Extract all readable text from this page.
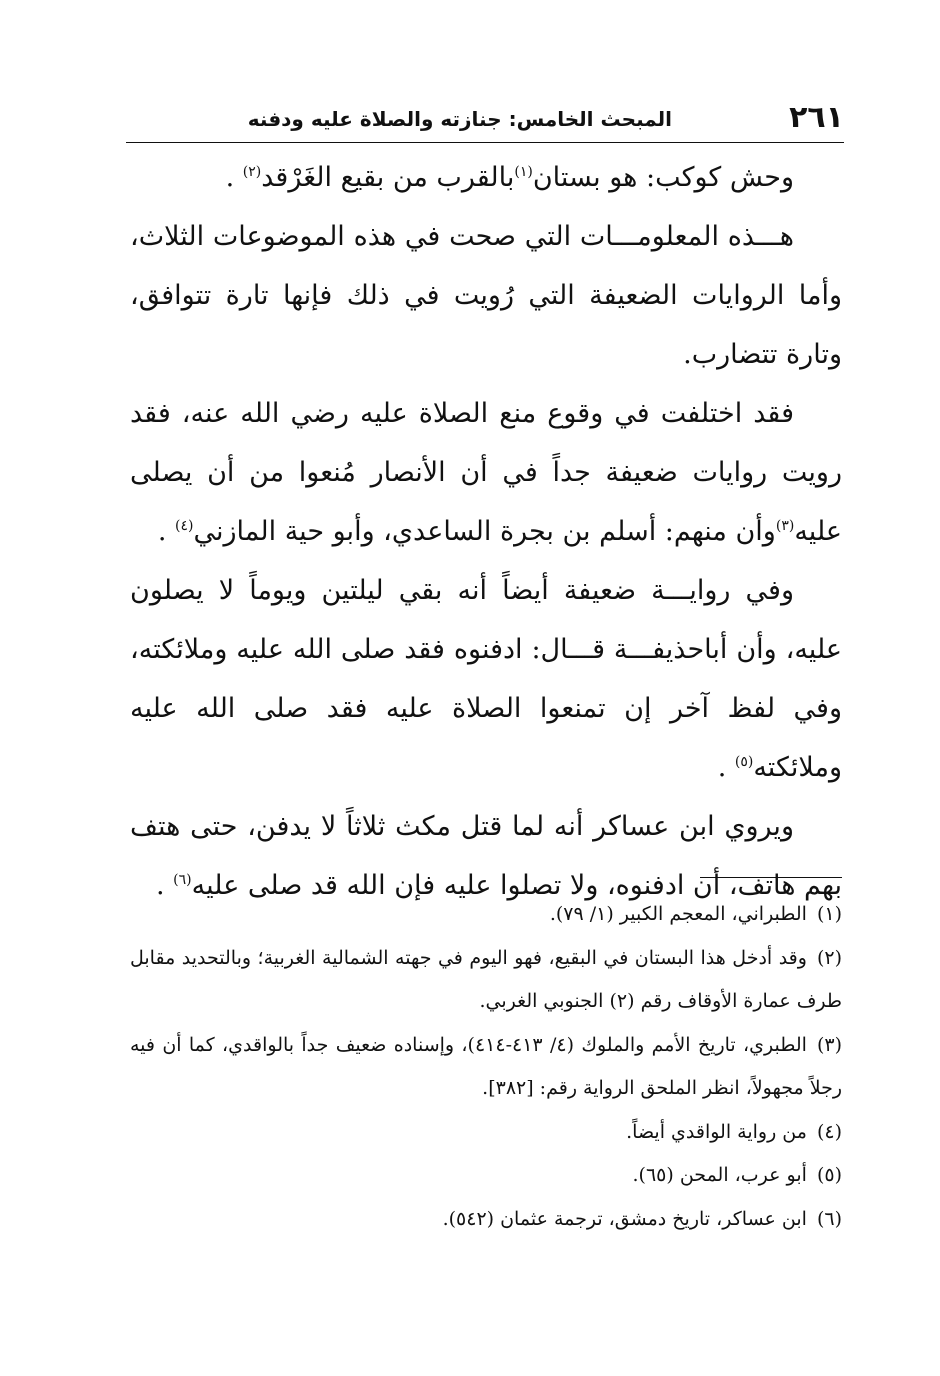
٢٦١
المبحث الخامس: جنازته والصلاة عليه ودفنه

وحش كوكب: هو بستان$^{(١)}$بالقرب من بقيع الغَرْقد$^{(٢)}$ .

هـــذه المعلومـــات التي صحت في هذه الموضوعات الثلاث، وأما الروايات الضعيفة التي رُويت في ذلك فإنها تارة تتوافق، وتارة تتضارب.

فقد اختلفت في وقوع منع الصلاة عليه رضي الله عنه، فقد رويت روايات ضعيفة جداً في أن الأنصار مُنعوا من أن يصلى عليه$^{(٣)}$وأن منهم: أسلم بن بجرة الساعدي، وأبو حية المازني$^{(٤)}$ .

وفي روايـــة ضعيفة أيضاً أنه بقي ليلتين ويوماً لا يصلون عليه، وأن أباحذيفـــة قـــال: ادفنوه فقد صلى الله عليه وملائكته، وفي لفظ آخر إن تمنعوا الصلاة عليه فقد صلى الله عليه وملائكته$^{(٥)}$ .

ويروي ابن عساكر أنه لما قتل مكث ثلاثاً لا يدفن، حتى هتف بهم هاتف، أن ادفنوه، ولا تصلوا عليه فإن الله قد صلى عليه$^{(٦)}$ .

(١)الطبراني، المعجم الكبير (١/ ٧٩).

(٢)وقد أدخل هذا البستان في البقيع، فهو اليوم في جهته الشمالية الغربية؛ وبالتحديد مقابل طرف عمارة الأوقاف رقم (٢) الجنوبي الغربي.

(٣)الطبري، تاريخ الأمم والملوك (٤/ ٤١٣-٤١٤)، وإسناده ضعيف جداً بالواقدي، كما أن فيه رجلاً مجهولاً، انظر الملحق الرواية رقم: [٣٨٢].

(٤)من رواية الواقدي أيضاً.

(٥)أبو عرب، المحن (٦٥).

(٦)ابن عساكر، تاريخ دمشق، ترجمة عثمان (٥٤٢).
